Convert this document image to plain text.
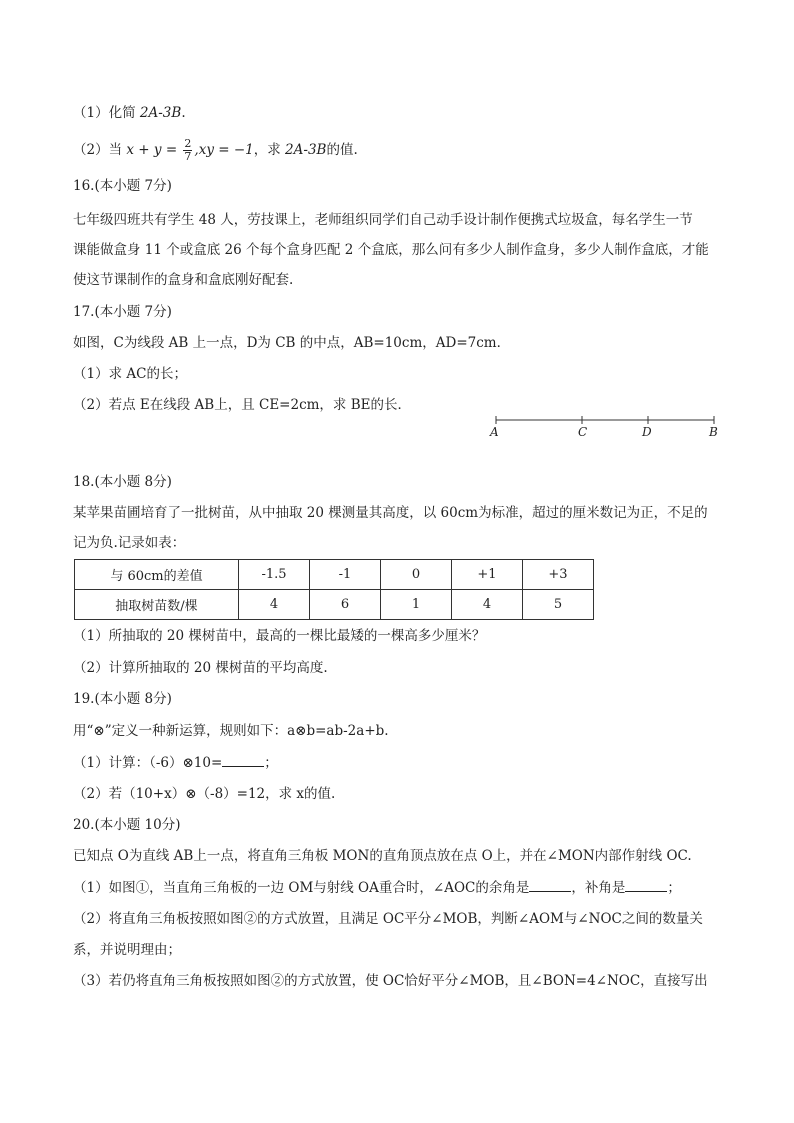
（1）化简 2A-3B.
（2）当 $x + y = \frac{2}{7} ,xy = -1$，求 2A-3B的值.
16.(本小题 7分)
七年级四班共有学生 48 人，劳技课上，老师组织同学们自己动手设计制作便携式垃圾盒，每名学生一节
课能做盒身 11 个或盒底 26 个每个盒身匹配 2 个盒底，那么问有多少人制作盒身，多少人制作盒底，才能
使这节课制作的盒身和盒底刚好配套.
17.(本小题 7分)
如图，C为线段 AB 上一点，D为 CB 的中点，AB=10cm，AD=7cm．
（1）求 AC的长；
（2）若点 E在线段 AB上，且 CE=2cm，求 BE的长．
A	C	D	B
18.(本小题 8分)
某苹果苗圃培育了一批树苗，从中抽取 20 棵测量其高度，以 60cm为标准，超过的厘米数记为正，不足的
记为负.记录如表：
与 60cm的差值	-1.5	-1	0	+1	+3
抽取树苗数/棵	4	6	1	4	5
（1）所抽取的 20 棵树苗中，最高的一棵比最矮的一棵高多少厘米？
（2）计算所抽取的 20 棵树苗的平均高度.
19.(本小题 8分)
用“⊗”定义一种新运算，规则如下：a⊗b=ab-2a+b.
（1）计算：（-6）⊗10=	；
（2）若（10+x）⊗（-8）=12，求 x的值.
20.(本小题 10分)
已知点 O为直线 AB上一点，将直角三角板 MON的直角顶点放在点 O上，并在∠MON内部作射线 OC.
（1）如图①，当直角三角板的一边 OM与射线 OA重合时，∠AOC的余角是	，补角是	；
（2）将直角三角板按照如图②的方式放置，且满足 OC平分∠MOB，判断∠AOM与∠NOC之间的数量关
系，并说明理由；
（3）若仍将直角三角板按照如图②的方式放置，使 OC恰好平分∠MOB，且∠BON=4∠NOC，直接写出
